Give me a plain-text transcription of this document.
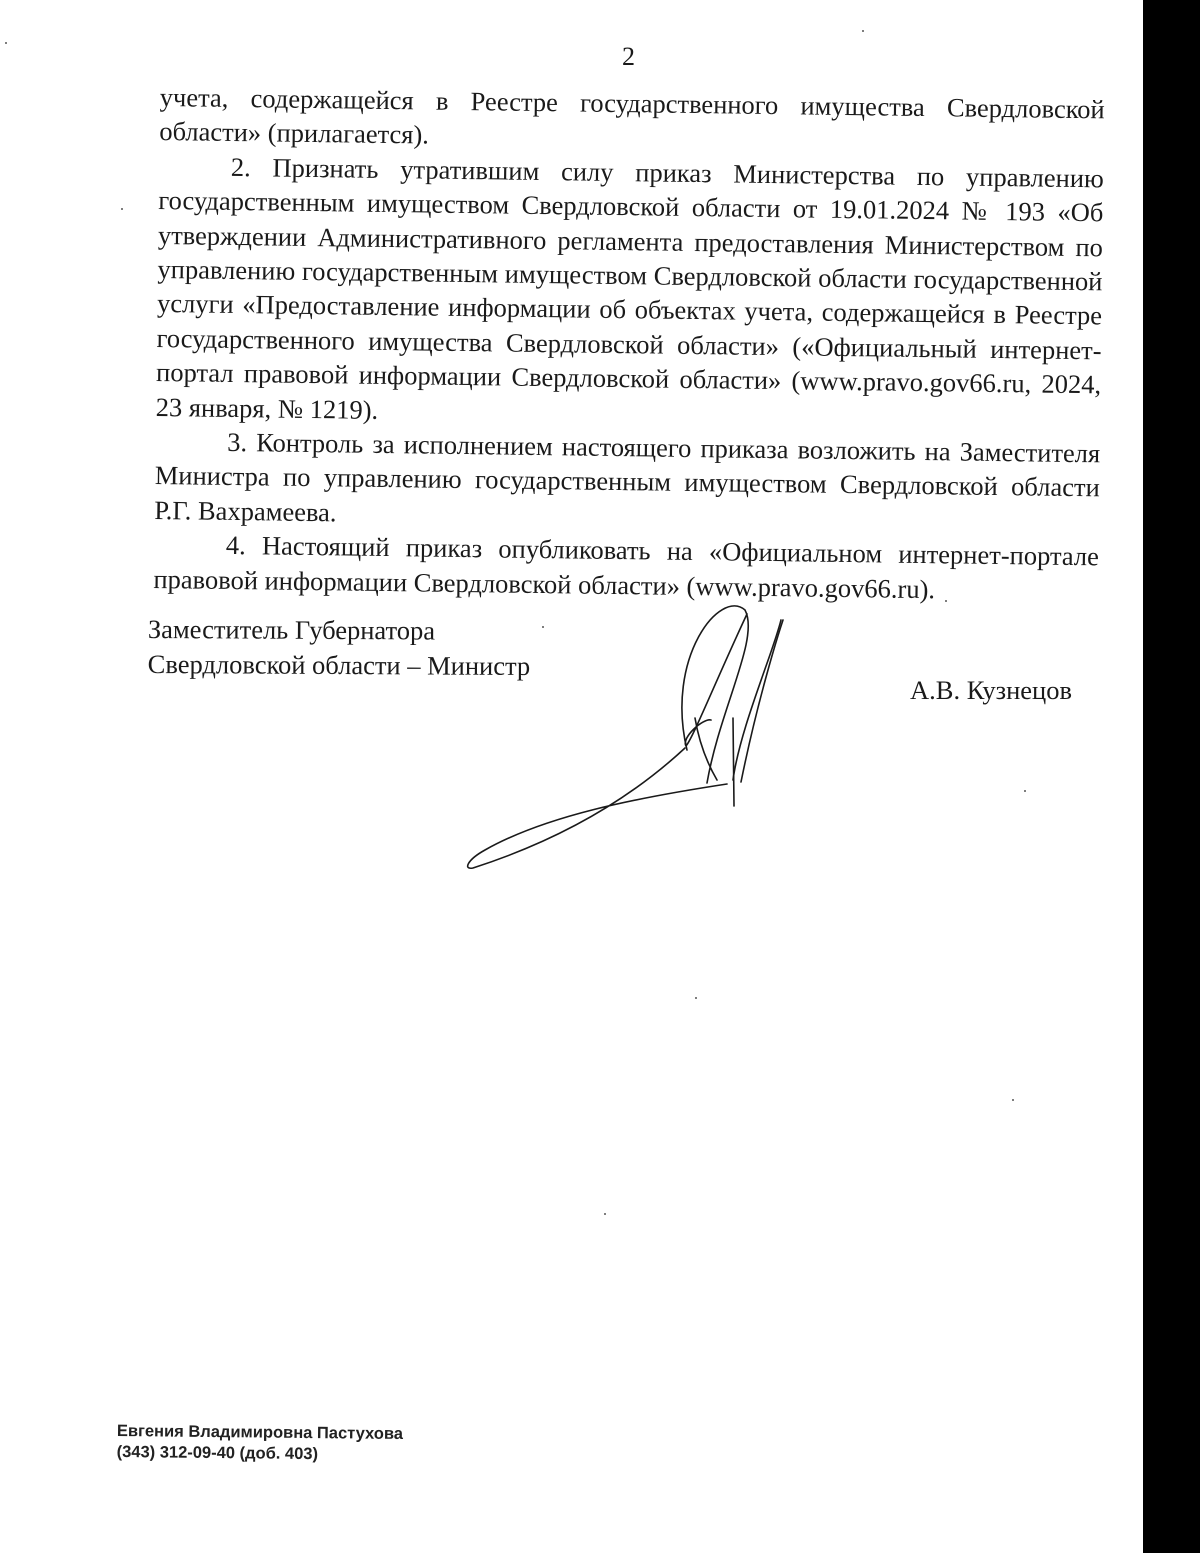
2

учета, содержащейся в Реестре государственного имущества Свердловской области» (прилагается).

2. Признать утратившим силу приказ Министерства по управлению государственным имуществом Свердловской области от 19.01.2024 № 193 «Об утверждении Административного регламента предоставления Министерством по управлению государственным имуществом Свердловской области государственной услуги «Предоставление информации об объектах учета, содержащейся в Реестре государственного имущества Свердловской области» («Официальный интернет-портал правовой информации Свердловской области» (www.pravo.gov66.ru, 2024, 23 января, № 1219).

3. Контроль за исполнением настоящего приказа возложить на Заместителя Министра по управлению государственным имуществом Свердловской области Р.Г. Вахрамеева.

4. Настоящий приказ опубликовать на «Официальном интернет-портале правовой информации Свердловской области» (www.pravo.gov66.ru).

Заместитель Губернатора
Свердловской области – Министр
А.В. Кузнецов
Евгения Владимировна Пастухова
(343) 312-09-40 (доб. 403)
